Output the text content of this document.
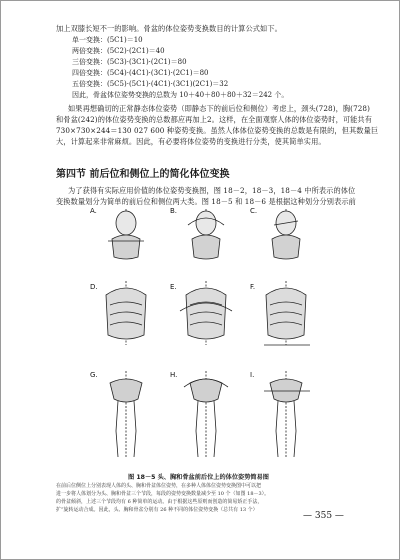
加上双膝长短不一的影响。骨盆的体位姿势变换数目的计算公式如下。
单一变换：(5C1)＝10
两倍变换：(5C2)·(2C1)＝40
三倍变换：(5C3)·(3C1)·(2C1)＝80
四倍变换：(5C4)·(4C1)·(3C1)·(2C1)＝80
五倍变换：(5C5)·(5C1)·(4C1)·(3C1)(2C1)＝32
因此，骨盆体位姿势变换的总数为 10＋40＋80＋80＋32＝242 个。
如果再想确切的正常静态体位姿势（即静态下的前后位和侧位）考虑上，颈头(728)，胸(728)
和骨盆(242)的体位姿势变换的总数都应再加上2。这样，在全面观察人体的体位姿势时，可能共有
730×730×244＝130 027 600 种姿势变换。虽然人体体位姿势变换的总数是有限的，但其数量巨
大，计算起来非常麻烦。因此，有必要将体位姿势的变换进行分类，使其简单实用。
第四节 前后位和侧位上的简化体位变换
为了获得有实际应用价值的体位姿势变换图，图 18－2，18－3，18－4 中所表示的体位
变换数量划分为简单的前后位和侧位两大类。图 18－5 和 18－6 是根据这种划分分别表示前
A.	B.	C.
D.	E.	F.
G.	H.	I.
图 18－5 头、胸和骨盆前后位上的体位姿势简易图
在前后位侧位上分别表现人体的头、胸和骨盆体位姿势，在多种人体体位姿势变换图中可以把
进一步将人体划分为头、胸和骨盆三个节段，每段的姿势变换数量减少至 10 个（如图 18－3）。
的骨盆倾斜，上述三个节段均有 6 种简单的运动。由于根据这些原则而创造的简易矫正手法，
扩”旋转运动合成。因此，头、胸和骨盆分别有 26 种不同的体位姿势变换（总共有 13 个）
— 355 —
